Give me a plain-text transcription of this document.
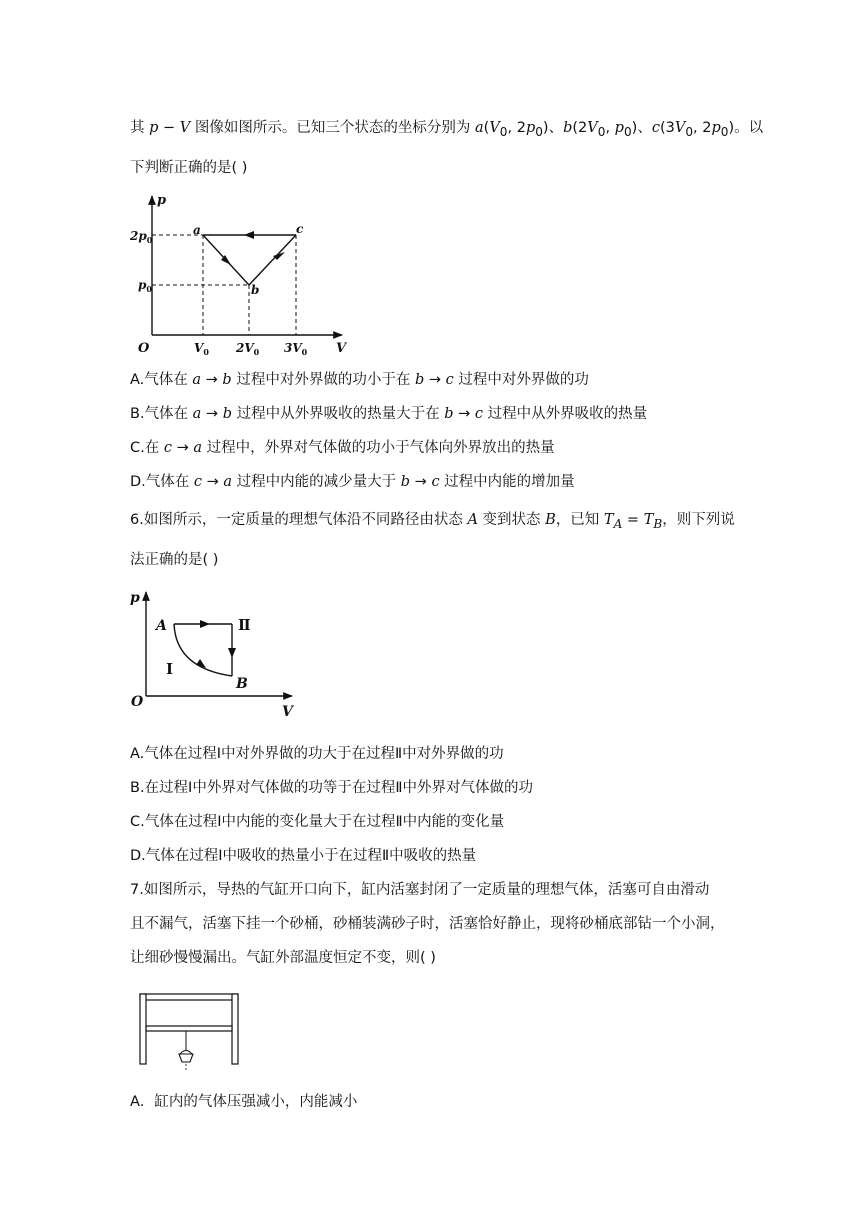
其 p − V 图像如图所示。已知三个状态的坐标分别为 $a(V_0$, $2p_0$)、$b(2V_0$, $p_0$)、$c(3V_0$, $2p_0$)。以
下判断正确的是( )
p
V
O
a
b
c
$2p_0$
$p_0$
$V_0$ $2V_0$ $3V_0$
A.气体在 a → b 过程中对外界做的功小于在 b → c 过程中对外界做的功
B.气体在 a → b 过程中从外界吸收的热量大于在 b → c 过程中从外界吸收的热量
C.在 c → a 过程中，外界对气体做的功小于气体向外界放出的热量
D.气体在 c → a 过程中内能的减少量大于 b → c 过程中内能的增加量
6.如图所示，一定质量的理想气体沿不同路径由状态 A 变到状态 B，已知 $T_A = T_B$，则下列说
法正确的是( )
p
V
O
A
B
Ⅱ
Ⅰ
A.气体在过程Ⅰ中对外界做的功大于在过程Ⅱ中对外界做的功
B.在过程Ⅰ中外界对气体做的功等于在过程Ⅱ中外界对气体做的功
C.气体在过程Ⅰ中内能的变化量大于在过程Ⅱ中内能的变化量
D.气体在过程Ⅰ中吸收的热量小于在过程Ⅱ中吸收的热量
7.如图所示，导热的气缸开口向下，缸内活塞封闭了一定质量的理想气体，活塞可自由滑动
且不漏气，活塞下挂一个砂桶，砂桶装满砂子时，活塞恰好静止，现将砂桶底部钻一个小洞，
让细砂慢慢漏出。气缸外部温度恒定不变，则( )
A．缸内的气体压强减小，内能减小
